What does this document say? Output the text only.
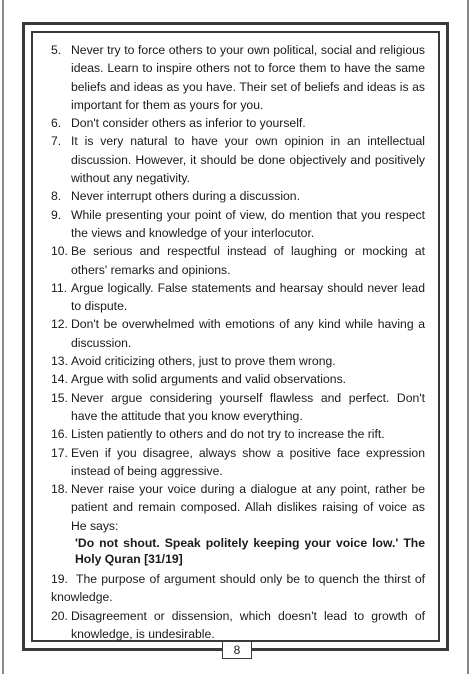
5. Never try to force others to your own political, social and religious ideas. Learn to inspire others not to force them to have the same beliefs and ideas as you have. Their set of beliefs and ideas is as important for them as yours for you.
6. Don't consider others as inferior to yourself.
7. It is very natural to have your own opinion in an intellectual discussion. However, it should be done objectively and positively without any negativity.
8. Never interrupt others during a discussion.
9. While presenting your point of view, do mention that you respect the views and knowledge of your interlocutor.
10. Be serious and respectful instead of laughing or mocking at others' remarks and opinions.
11. Argue logically. False statements and hearsay should never lead to dispute.
12. Don't be overwhelmed with emotions of any kind while having a discussion.
13. Avoid criticizing others, just to prove them wrong.
14. Argue with solid arguments and valid observations.
15. Never argue considering yourself flawless and perfect. Don't have the attitude that you know everything.
16. Listen patiently to others and do not try to increase the rift.
17. Even if you disagree, always show a positive face expression instead of being aggressive.
18. Never raise your voice during a dialogue at any point, rather be patient and remain composed. Allah dislikes raising of voice as He says:
'Do not shout. Speak politely keeping your voice low.' The Holy Quran [31/19]
19. The purpose of argument should only be to quench the thirst of knowledge.
20. Disagreement or dissension, which doesn't lead to growth of knowledge, is undesirable.
8
